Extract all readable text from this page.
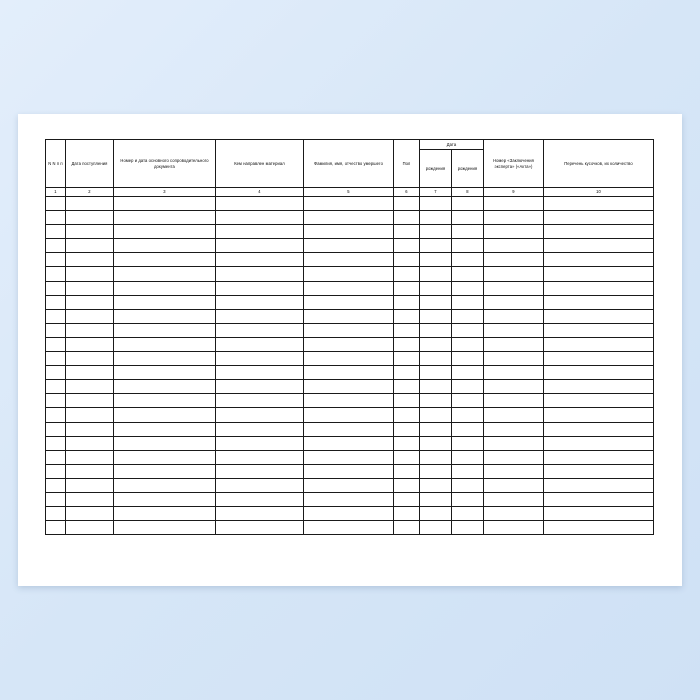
N N п п	Дата поступления	Номер и дата основного сопроводительного документа	Кем направлен материал	Фамилия, имя, отчество умершего	Пол	Дата		Номер «Заключения эксперта» («Акта»)	Перечень кусочков, их количество
						рождения	рождения		
1	2	3	4	5	6	7	8	9	10
